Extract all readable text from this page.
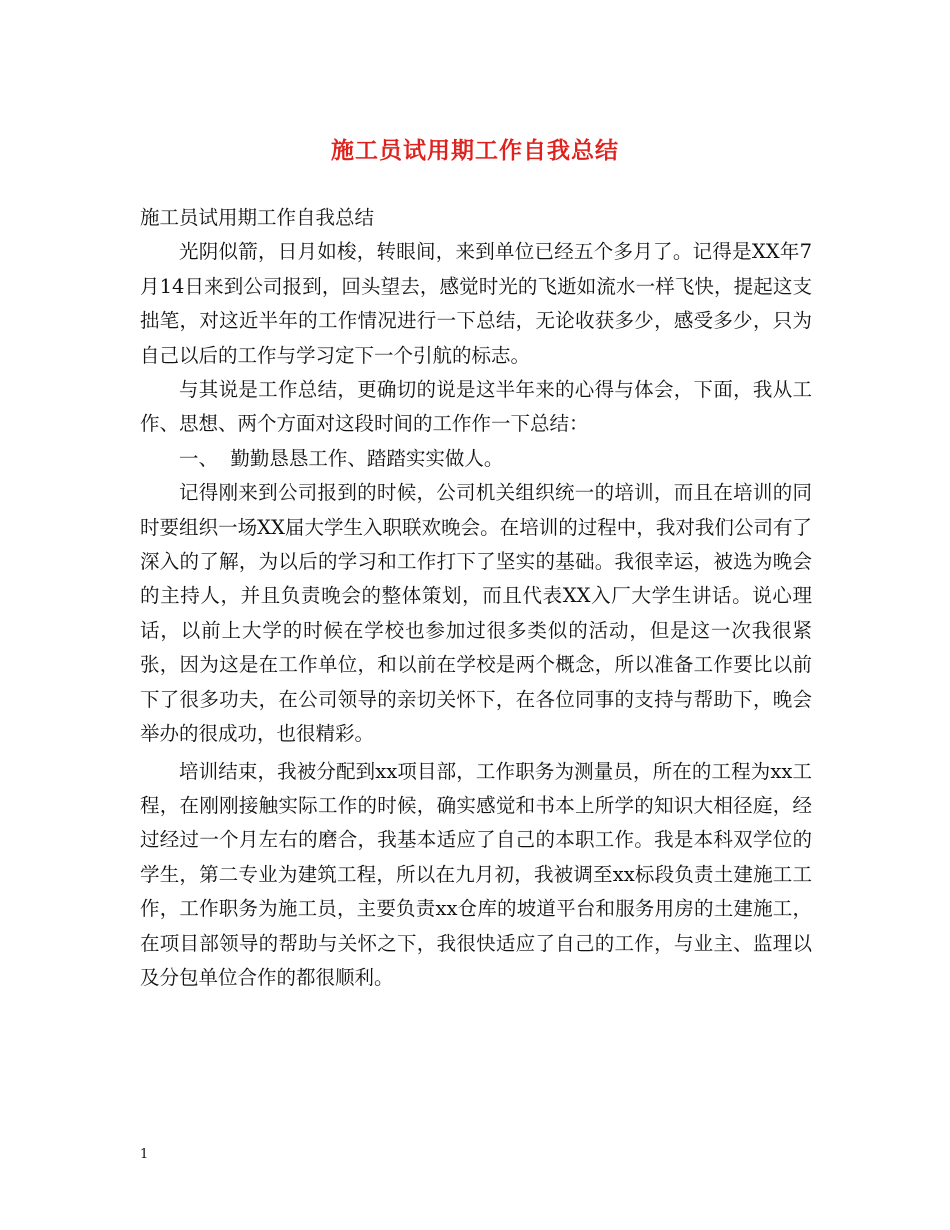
施工员试用期工作自我总结

施工员试用期工作自我总结

光阴似箭，日月如梭，转眼间，来到单位已经五个多月了。记得是XX年7月14日来到公司报到，回头望去，感觉时光的飞逝如流水一样飞快，提起这支拙笔，对这近半年的工作情况进行一下总结，无论收获多少，感受多少，只为自己以后的工作与学习定下一个引航的标志。

与其说是工作总结，更确切的说是这半年来的心得与体会，下面，我从工作、思想、两个方面对这段时间的工作作一下总结：

一、  勤勤恳恳工作、踏踏实实做人。

记得刚来到公司报到的时候，公司机关组织统一的培训，而且在培训的同时要组织一场XX届大学生入职联欢晚会。在培训的过程中，我对我们公司有了深入的了解，为以后的学习和工作打下了坚实的基础。我很幸运，被选为晚会的主持人，并且负责晚会的整体策划，而且代表XX入厂大学生讲话。说心理话，以前上大学的时候在学校也参加过很多类似的活动，但是这一次我很紧张，因为这是在工作单位，和以前在学校是两个概念，所以准备工作要比以前下了很多功夫，在公司领导的亲切关怀下，在各位同事的支持与帮助下，晚会举办的很成功，也很精彩。

培训结束，我被分配到xx项目部，工作职务为测量员，所在的工程为xx工程，在刚刚接触实际工作的时候，确实感觉和书本上所学的知识大相径庭，经过经过一个月左右的磨合，我基本适应了自己的本职工作。我是本科双学位的学生，第二专业为建筑工程，所以在九月初，我被调至xx标段负责土建施工工作，工作职务为施工员，主要负责xx仓库的坡道平台和服务用房的土建施工，在项目部领导的帮助与关怀之下，我很快适应了自己的工作，与业主、监理以及分包单位合作的都很顺利。

1
